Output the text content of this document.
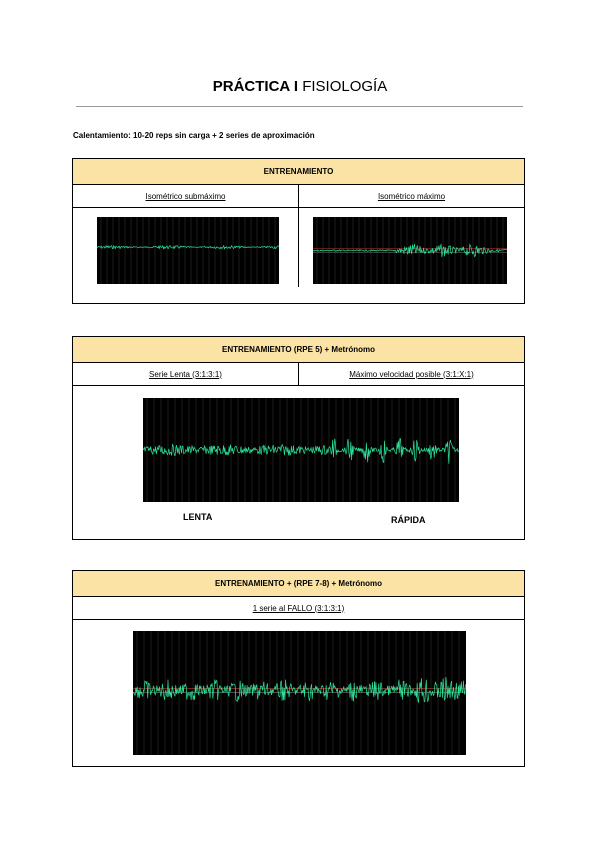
PRÁCTICA I FISIOLOGÍA
Calentamiento: 10-20 reps sin carga + 2 series de aproximación
ENTRENAMIENTO
Isométrico submáximo	Isométrico máximo
ENTRENAMIENTO (RPE 5) + Metrónomo
Serie Lenta (3:1:3:1)	Máximo velocidad posible (3:1:X:1)
LENTA	RÁPIDA
ENTRENAMIENTO + (RPE 7-8) + Metrónomo
1 serie al FALLO (3:1:3:1)
